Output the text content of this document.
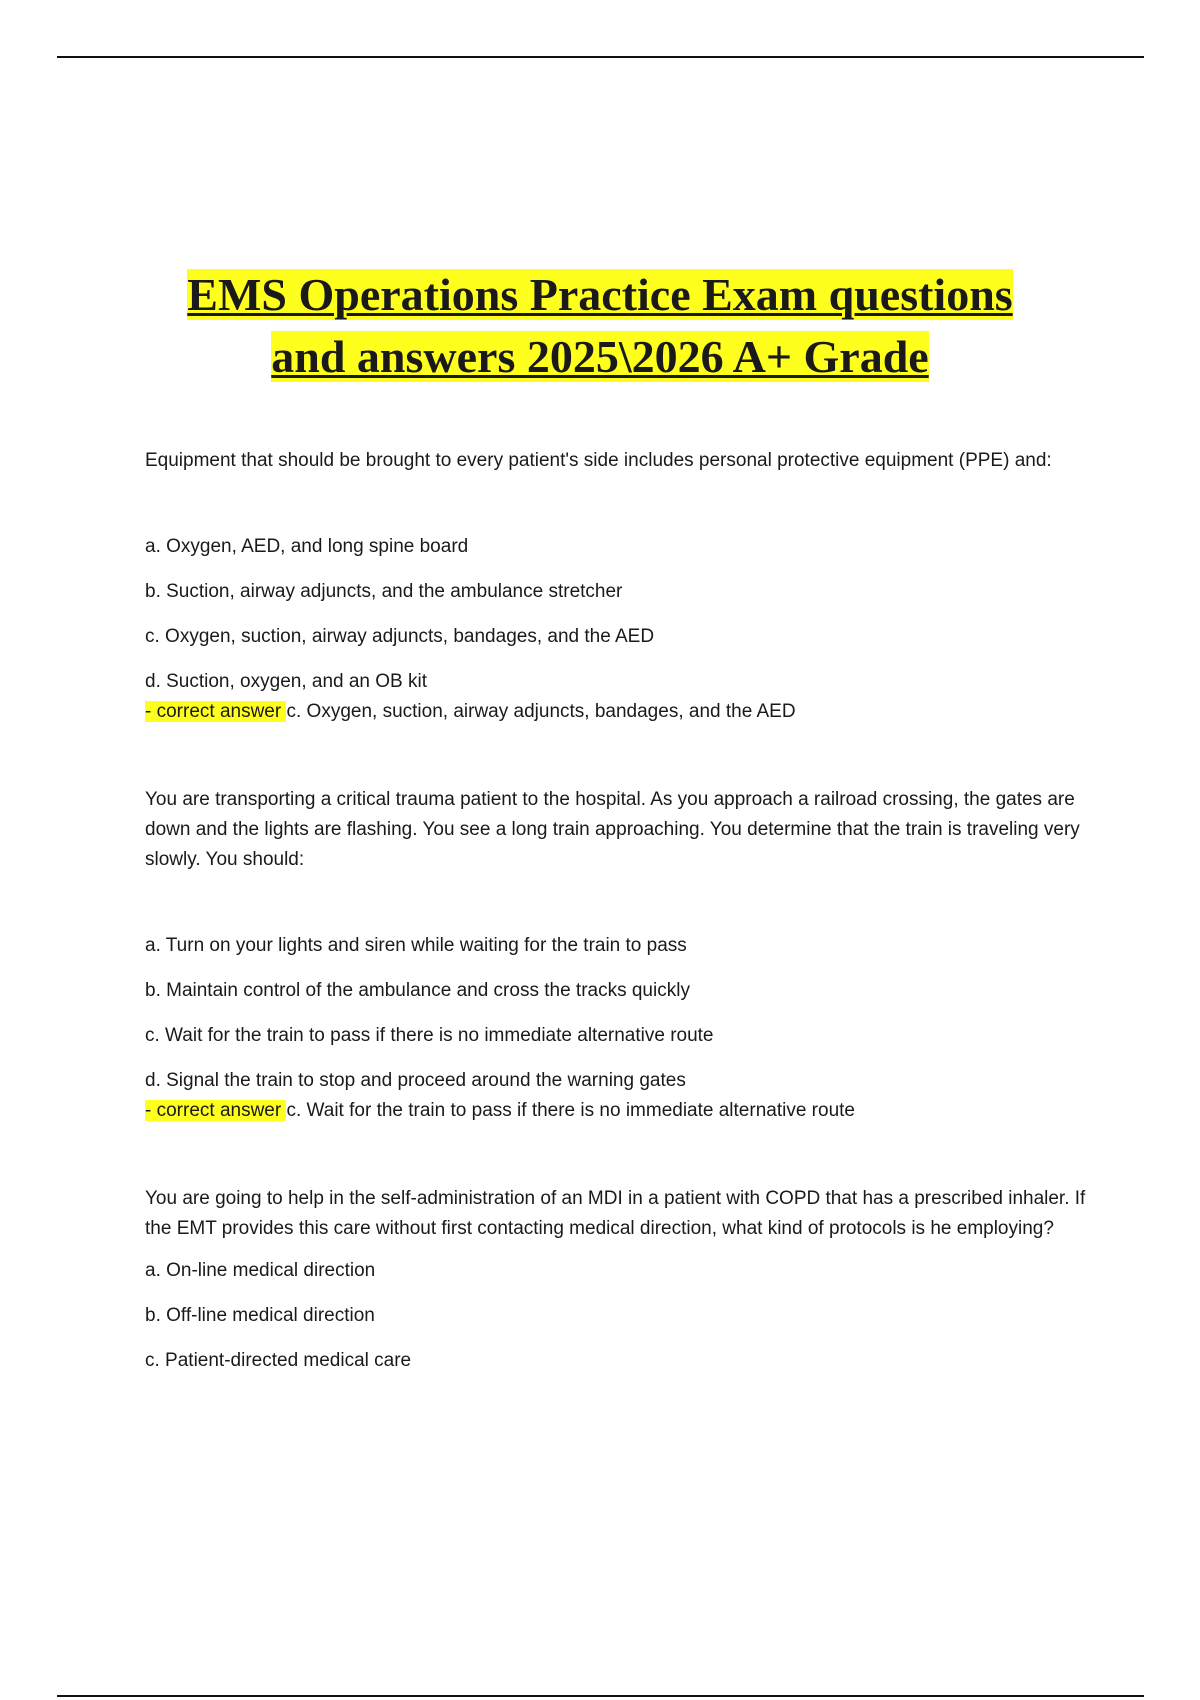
EMS Operations Practice Exam questions
and answers 2025\2026 A+ Grade

Equipment that should be brought to every patient's side includes personal protective equipment (PPE) and:

a. Oxygen, AED, and long spine board

b. Suction, airway adjuncts, and the ambulance stretcher

c. Oxygen, suction, airway adjuncts, bandages, and the AED

d. Suction, oxygen, and an OB kit

- correct answer c. Oxygen, suction, airway adjuncts, bandages, and the AED

You are transporting a critical trauma patient to the hospital. As you approach a railroad crossing, the gates are down and the lights are flashing. You see a long train approaching. You determine that the train is traveling very slowly. You should:

a. Turn on your lights and siren while waiting for the train to pass

b. Maintain control of the ambulance and cross the tracks quickly

c. Wait for the train to pass if there is no immediate alternative route

d. Signal the train to stop and proceed around the warning gates

- correct answer c. Wait for the train to pass if there is no immediate alternative route

You are going to help in the self-administration of an MDI in a patient with COPD that has a prescribed inhaler. If the EMT provides this care without first contacting medical direction, what kind of protocols is he employing?

a. On-line medical direction

b. Off-line medical direction

c. Patient-directed medical care
